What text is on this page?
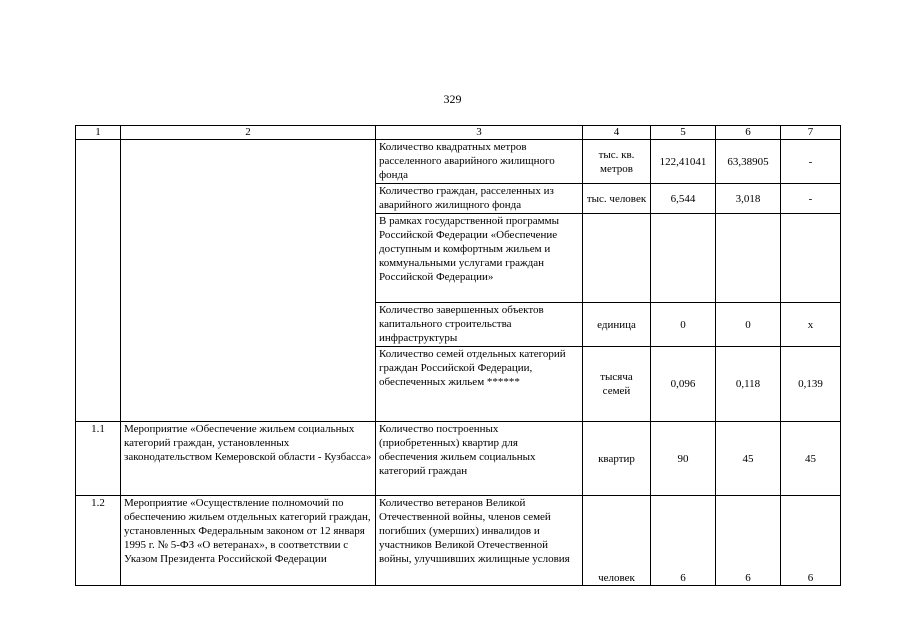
329
1	2	3	4	5	6	7
		Количество квадратных метров расселенного аварийного жилищного фонда	тыс. кв. метров	122,41041	63,38905	-
		Количество граждан, расселенных из аварийного жилищного фонда	тыс. человек	6,544	3,018	-
		В рамках государственной программы Российской Федерации «Обеспечение доступным и комфортным жильем и коммунальными услугами граждан Российской Федерации»				
		Количество завершенных объектов капитального строительства инфраструктуры	единица	0	0	х
		Количество семей отдельных категорий граждан Российской Федерации, обеспеченных жильем ******	тысяча семей	0,096	0,118	0,139
1.1	Мероприятие «Обеспечение жильем социальных категорий граждан, установленных законодательством Кемеровской области - Кузбасса»	Количество построенных (приобретенных) квартир для обеспечения жильем социальных категорий граждан	квартир	90	45	45
1.2	Мероприятие «Осуществление полномочий по обеспечению жильем отдельных категорий граждан, установленных Федеральным законом от 12 января 1995 г. № 5-ФЗ «О ветеранах», в соответствии с Указом Президента Российской Федерации	Количество ветеранов Великой Отечественной войны, членов семей погибших (умерших) инвалидов и участников Великой Отечественной войны, улучшивших жилищные условия	человек	6	6	6
